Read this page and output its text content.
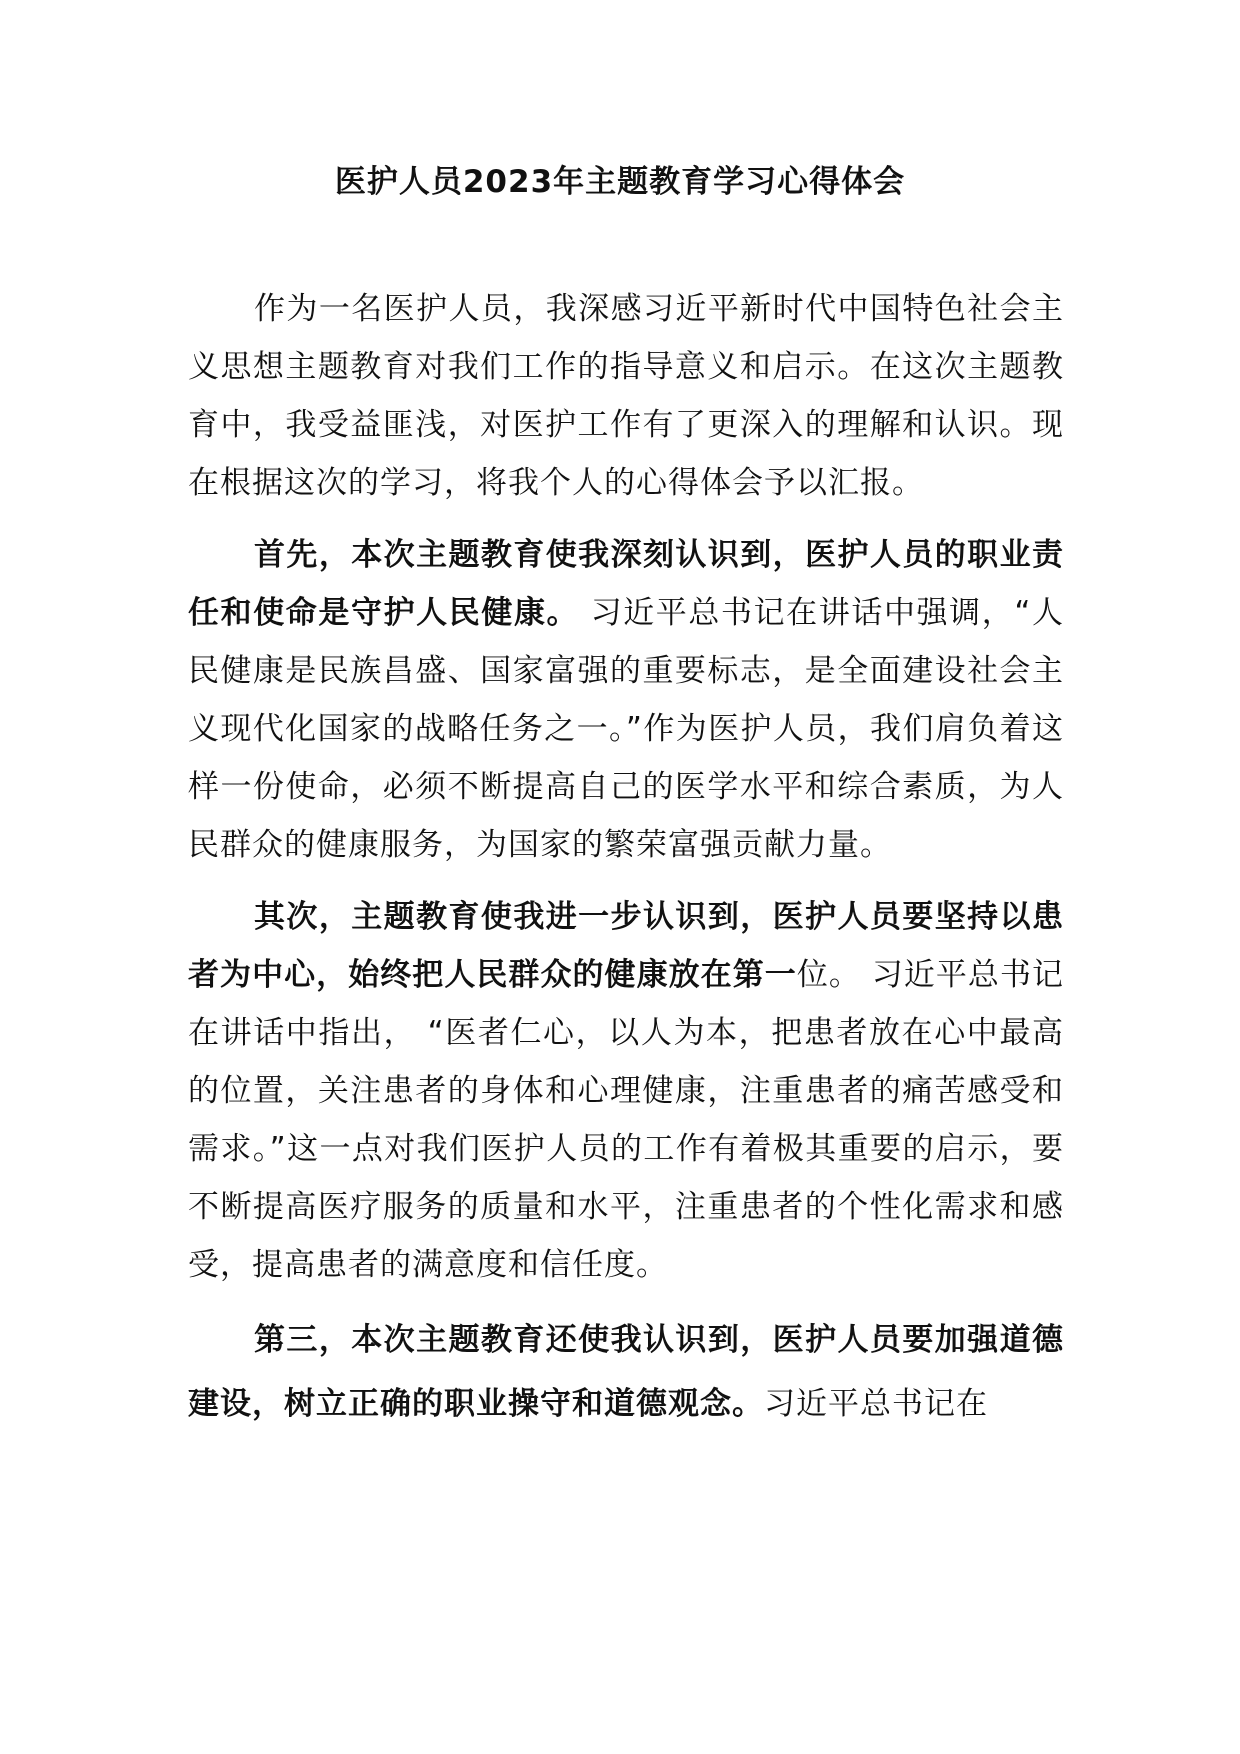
医护人员2023年主题教育学习心得体会

作为一名医护人员，我深感习近平新时代中国特色社会主义思想主题教育对我们工作的指导意义和启示。在这次主题教育中，我受益匪浅，对医护工作有了更深入的理解和认识。现在根据这次的学习，将我个人的心得体会予以汇报。

首先，本次主题教育使我深刻认识到，医护人员的职业责任和使命是守护人民健康。 习近平总书记在讲话中强调，“人民健康是民族昌盛、国家富强的重要标志，是全面建设社会主义现代化国家的战略任务之一。”作为医护人员，我们肩负着这样一份使命，必须不断提高自己的医学水平和综合素质，为人民群众的健康服务，为国家的繁荣富强贡献力量。

其次，主题教育使我进一步认识到，医护人员要坚持以患者为中心，始终把人民群众的健康放在第一位。 习近平总书记在讲话中指出， “医者仁心，以人为本，把患者放在心中最高的位置，关注患者的身体和心理健康，注重患者的痛苦感受和需求。”这一点对我们医护人员的工作有着极其重要的启示，要不断提高医疗服务的质量和水平，注重患者的个性化需求和感受，提高患者的满意度和信任度。

第三，本次主题教育还使我认识到，医护人员要加强道德建设，树立正确的职业操守和道德观念。习近平总书记在
